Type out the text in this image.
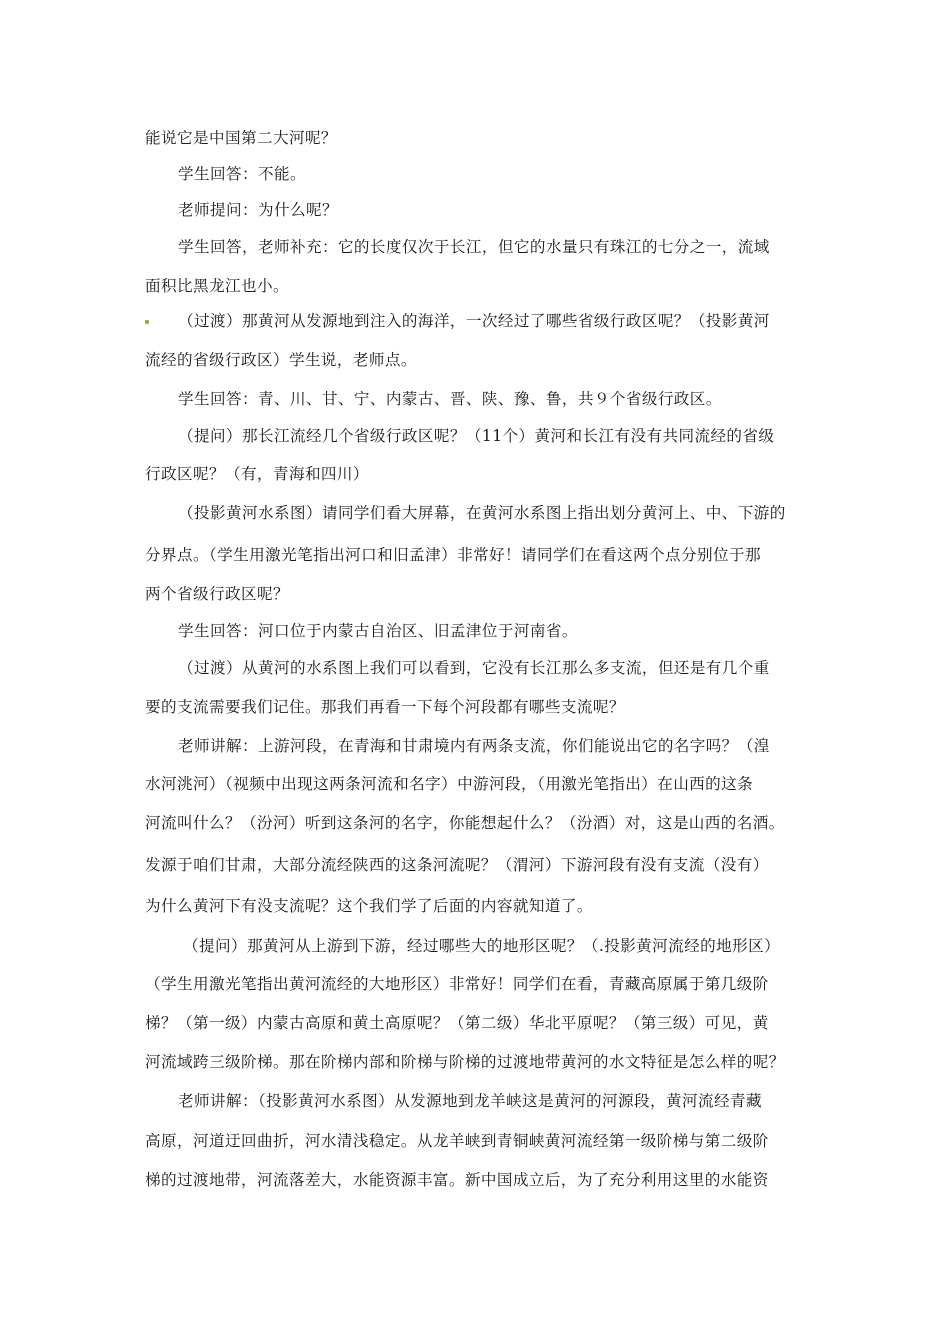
能说它是中国第二大河呢？
学生回答：不能。
老师提问：为什么呢？
学生回答，老师补充：它的长度仅次于长江，但它的水量只有珠江的七分之一，流域
面积比黑龙江也小。
（过渡）那黄河从发源地到注入的海洋，一次经过了哪些省级行政区呢？（投影黄河
流经的省级行政区）学生说，老师点。
学生回答：青、川、甘、宁、内蒙古、晋、陕、豫、鲁，共９个省级行政区。
（提问）那长江流经几个省级行政区呢？（11个）黄河和长江有没有共同流经的省级
行政区呢？（有，青海和四川）
（投影黄河水系图）请同学们看大屏幕，在黄河水系图上指出划分黄河上、中、下游的
分界点。（学生用激光笔指出河口和旧孟津）非常好！请同学们在看这两个点分别位于那
两个省级行政区呢？
学生回答：河口位于内蒙古自治区、旧孟津位于河南省。
（过渡）从黄河的水系图上我们可以看到，它没有长江那么多支流，但还是有几个重
要的支流需要我们记住。那我们再看一下每个河段都有哪些支流呢？
老师讲解：上游河段，在青海和甘肃境内有两条支流，你们能说出它的名字吗？（湟
水河洮河）（视频中出现这两条河流和名字）中游河段，（用激光笔指出）在山西的这条
河流叫什么？（汾河）听到这条河的名字，你能想起什么？（汾酒）对，这是山西的名酒。
发源于咱们甘肃，大部分流经陕西的这条河流呢？（渭河）下游河段有没有支流（没有）
为什么黄河下有没支流呢？这个我们学了后面的内容就知道了。
（提问）那黄河从上游到下游，经过哪些大的地形区呢？（.投影黄河流经的地形区）
（学生用激光笔指出黄河流经的大地形区）非常好！同学们在看，青藏高原属于第几级阶
梯？（第一级）内蒙古高原和黄土高原呢？（第二级）华北平原呢？（第三级）可见，黄
河流域跨三级阶梯。那在阶梯内部和阶梯与阶梯的过渡地带黄河的水文特征是怎么样的呢？
老师讲解：（投影黄河水系图）从发源地到龙羊峡这是黄河的河源段，黄河流经青藏
高原，河道迂回曲折，河水清浅稳定。从龙羊峡到青铜峡黄河流经第一级阶梯与第二级阶
梯的过渡地带，河流落差大，水能资源丰富。新中国成立后，为了充分利用这里的水能资
